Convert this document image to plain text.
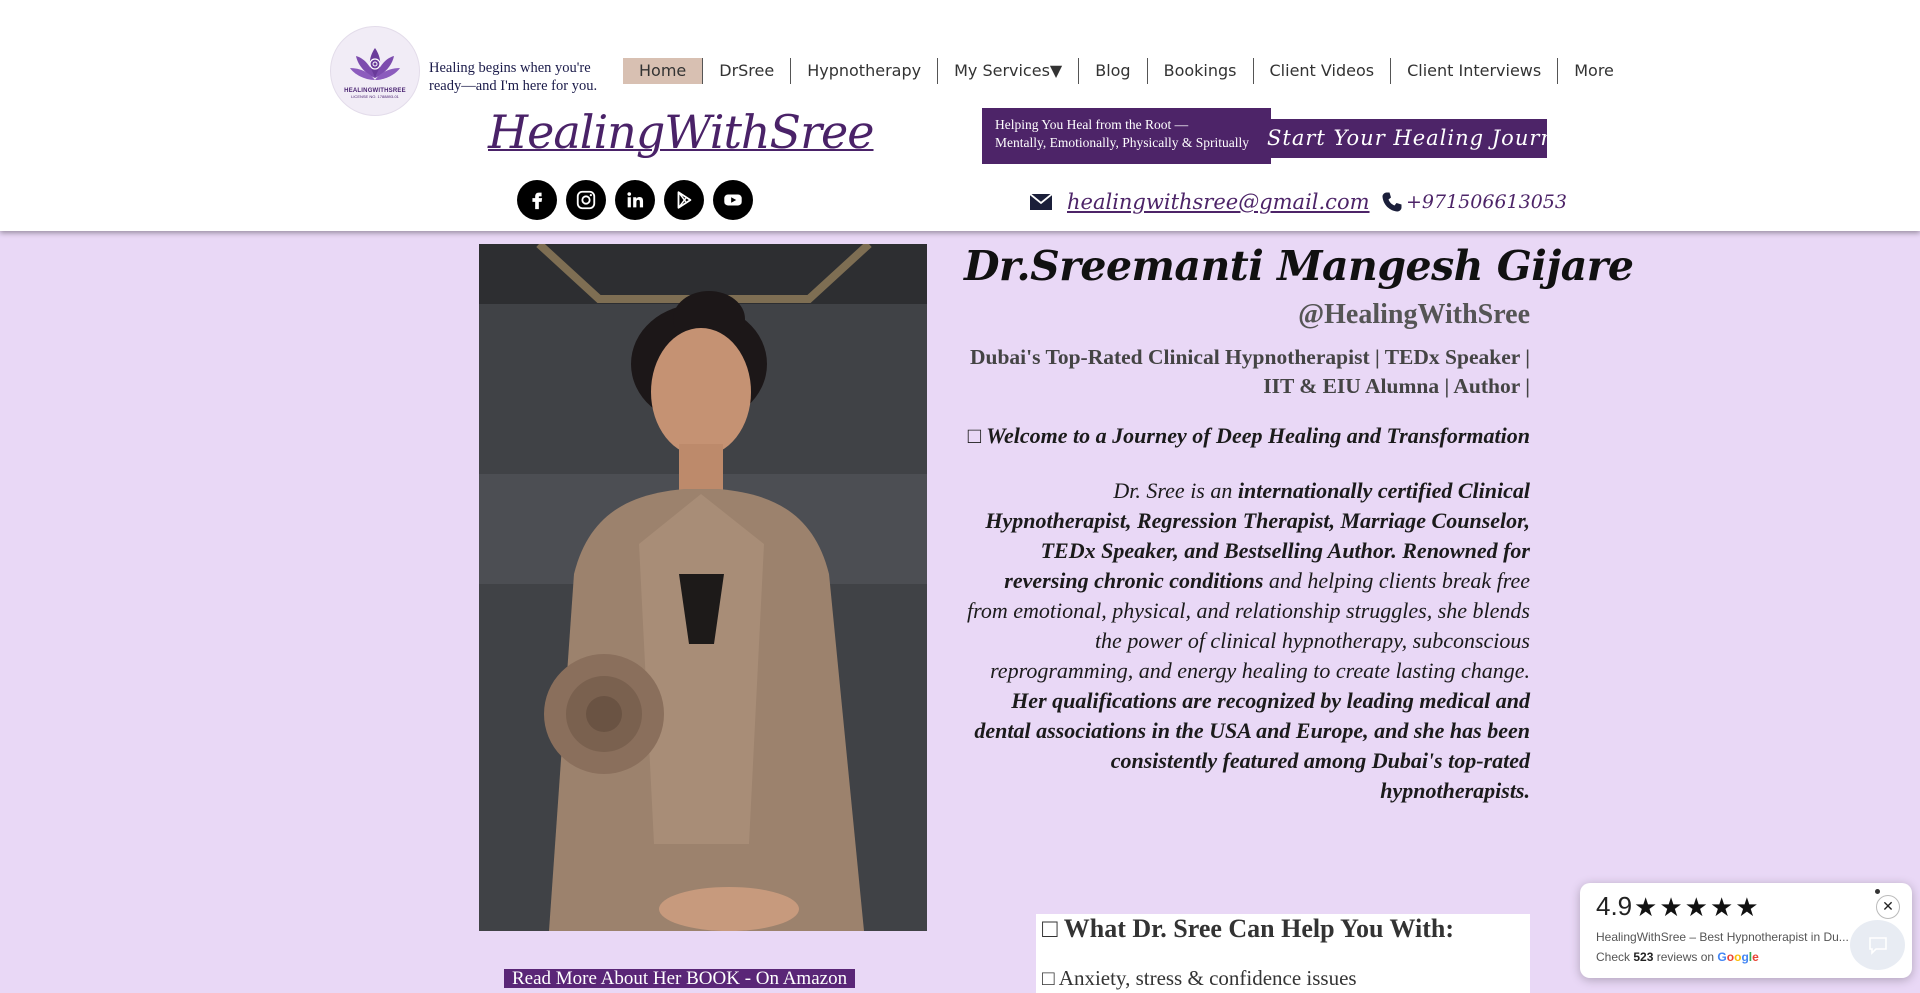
HEALINGWITHSREE
LICENSE NO. 1788893-01
Healing begins when you're ready—and I'm here for you.
Home	DrSree	Hypnotherapy	My Services▼	Blog	Bookings	Client Videos	Client Interviews	More
HealingWithSree	Helping You Heal from the Root —
Mentally, Emotionally, Physically & Spritually Start Your Healing Journey
healingwithsree@gmail.com +971506613053
Read More About Her BOOK - On Amazon
Dr.Sreemanti Mangesh Gijare
@HealingWithSree
Dubai's Top-Rated Clinical Hypnotherapist | TEDx Speaker |
IIT & EIU Alumna | Author |
□ Welcome to a Journey of Deep Healing and Transformation
Dr. Sree is an internationally certified Clinical Hypnotherapist, Regression Therapist, Marriage Counselor, TEDx Speaker, and Bestselling Author. Renowned for reversing chronic conditions and helping clients break free from emotional, physical, and relationship struggles, she blends the power of clinical hypnotherapy, subconscious reprogramming, and energy healing to create lasting change.
Her qualifications are recognized by leading medical and dental associations in the USA and Europe, and she has been consistently featured among Dubai's top-rated hypnotherapists.
□ What Dr. Sree Can Help You With:
□ Anxiety, stress & confidence issues
4.9 ★ ★ ★ ★ ★
HealingWithSree – Best Hypnotherapist in Du...
Check 523 reviews on Google
✕
